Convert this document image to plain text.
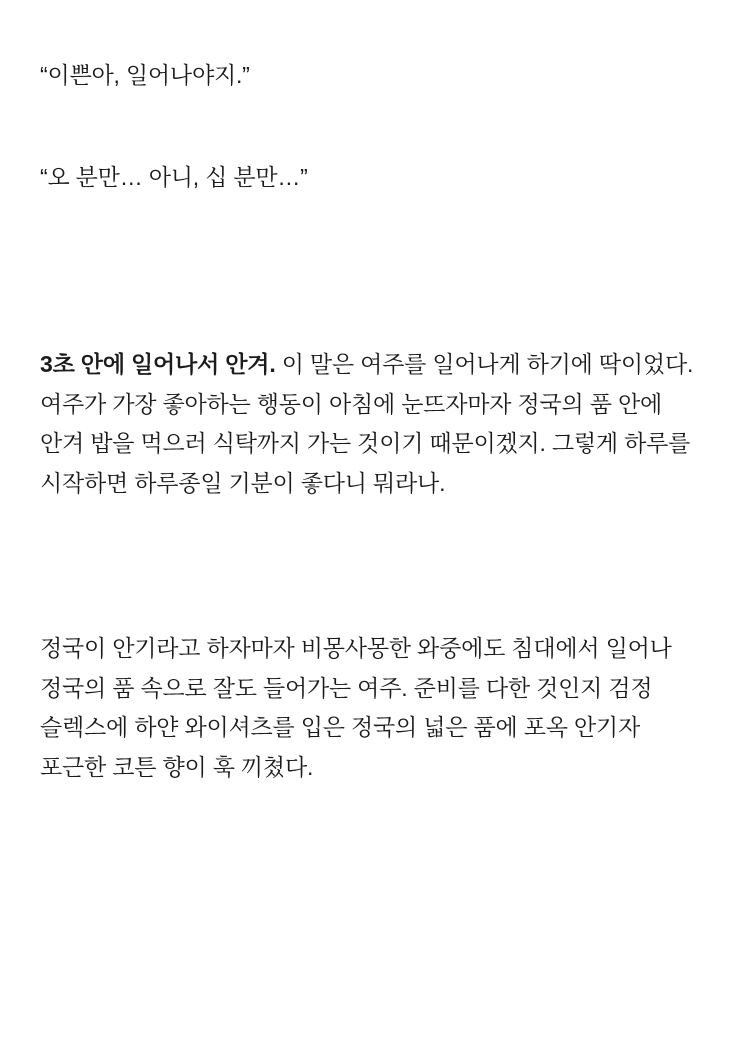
“이쁜아, 일어나야지.”

“오 분만… 아니, 십 분만…”

3초 안에 일어나서 안겨. 이 말은 여주를 일어나게 하기에 딱이었다. 여주가 가장 좋아하는 행동이 아침에 눈뜨자마자 정국의 품 안에 안겨 밥을 먹으러 식탁까지 가는 것이기 때문이겠지. 그렇게 하루를 시작하면 하루종일 기분이 좋다니 뭐라나.

정국이 안기라고 하자마자 비몽사몽한 와중에도 침대에서 일어나 정국의 품 속으로 잘도 들어가는 여주. 준비를 다한 것인지 검정 슬렉스에 하얀 와이셔츠를 입은 정국의 넓은 품에 포옥 안기자 포근한 코튼 향이 훅 끼쳤다.
